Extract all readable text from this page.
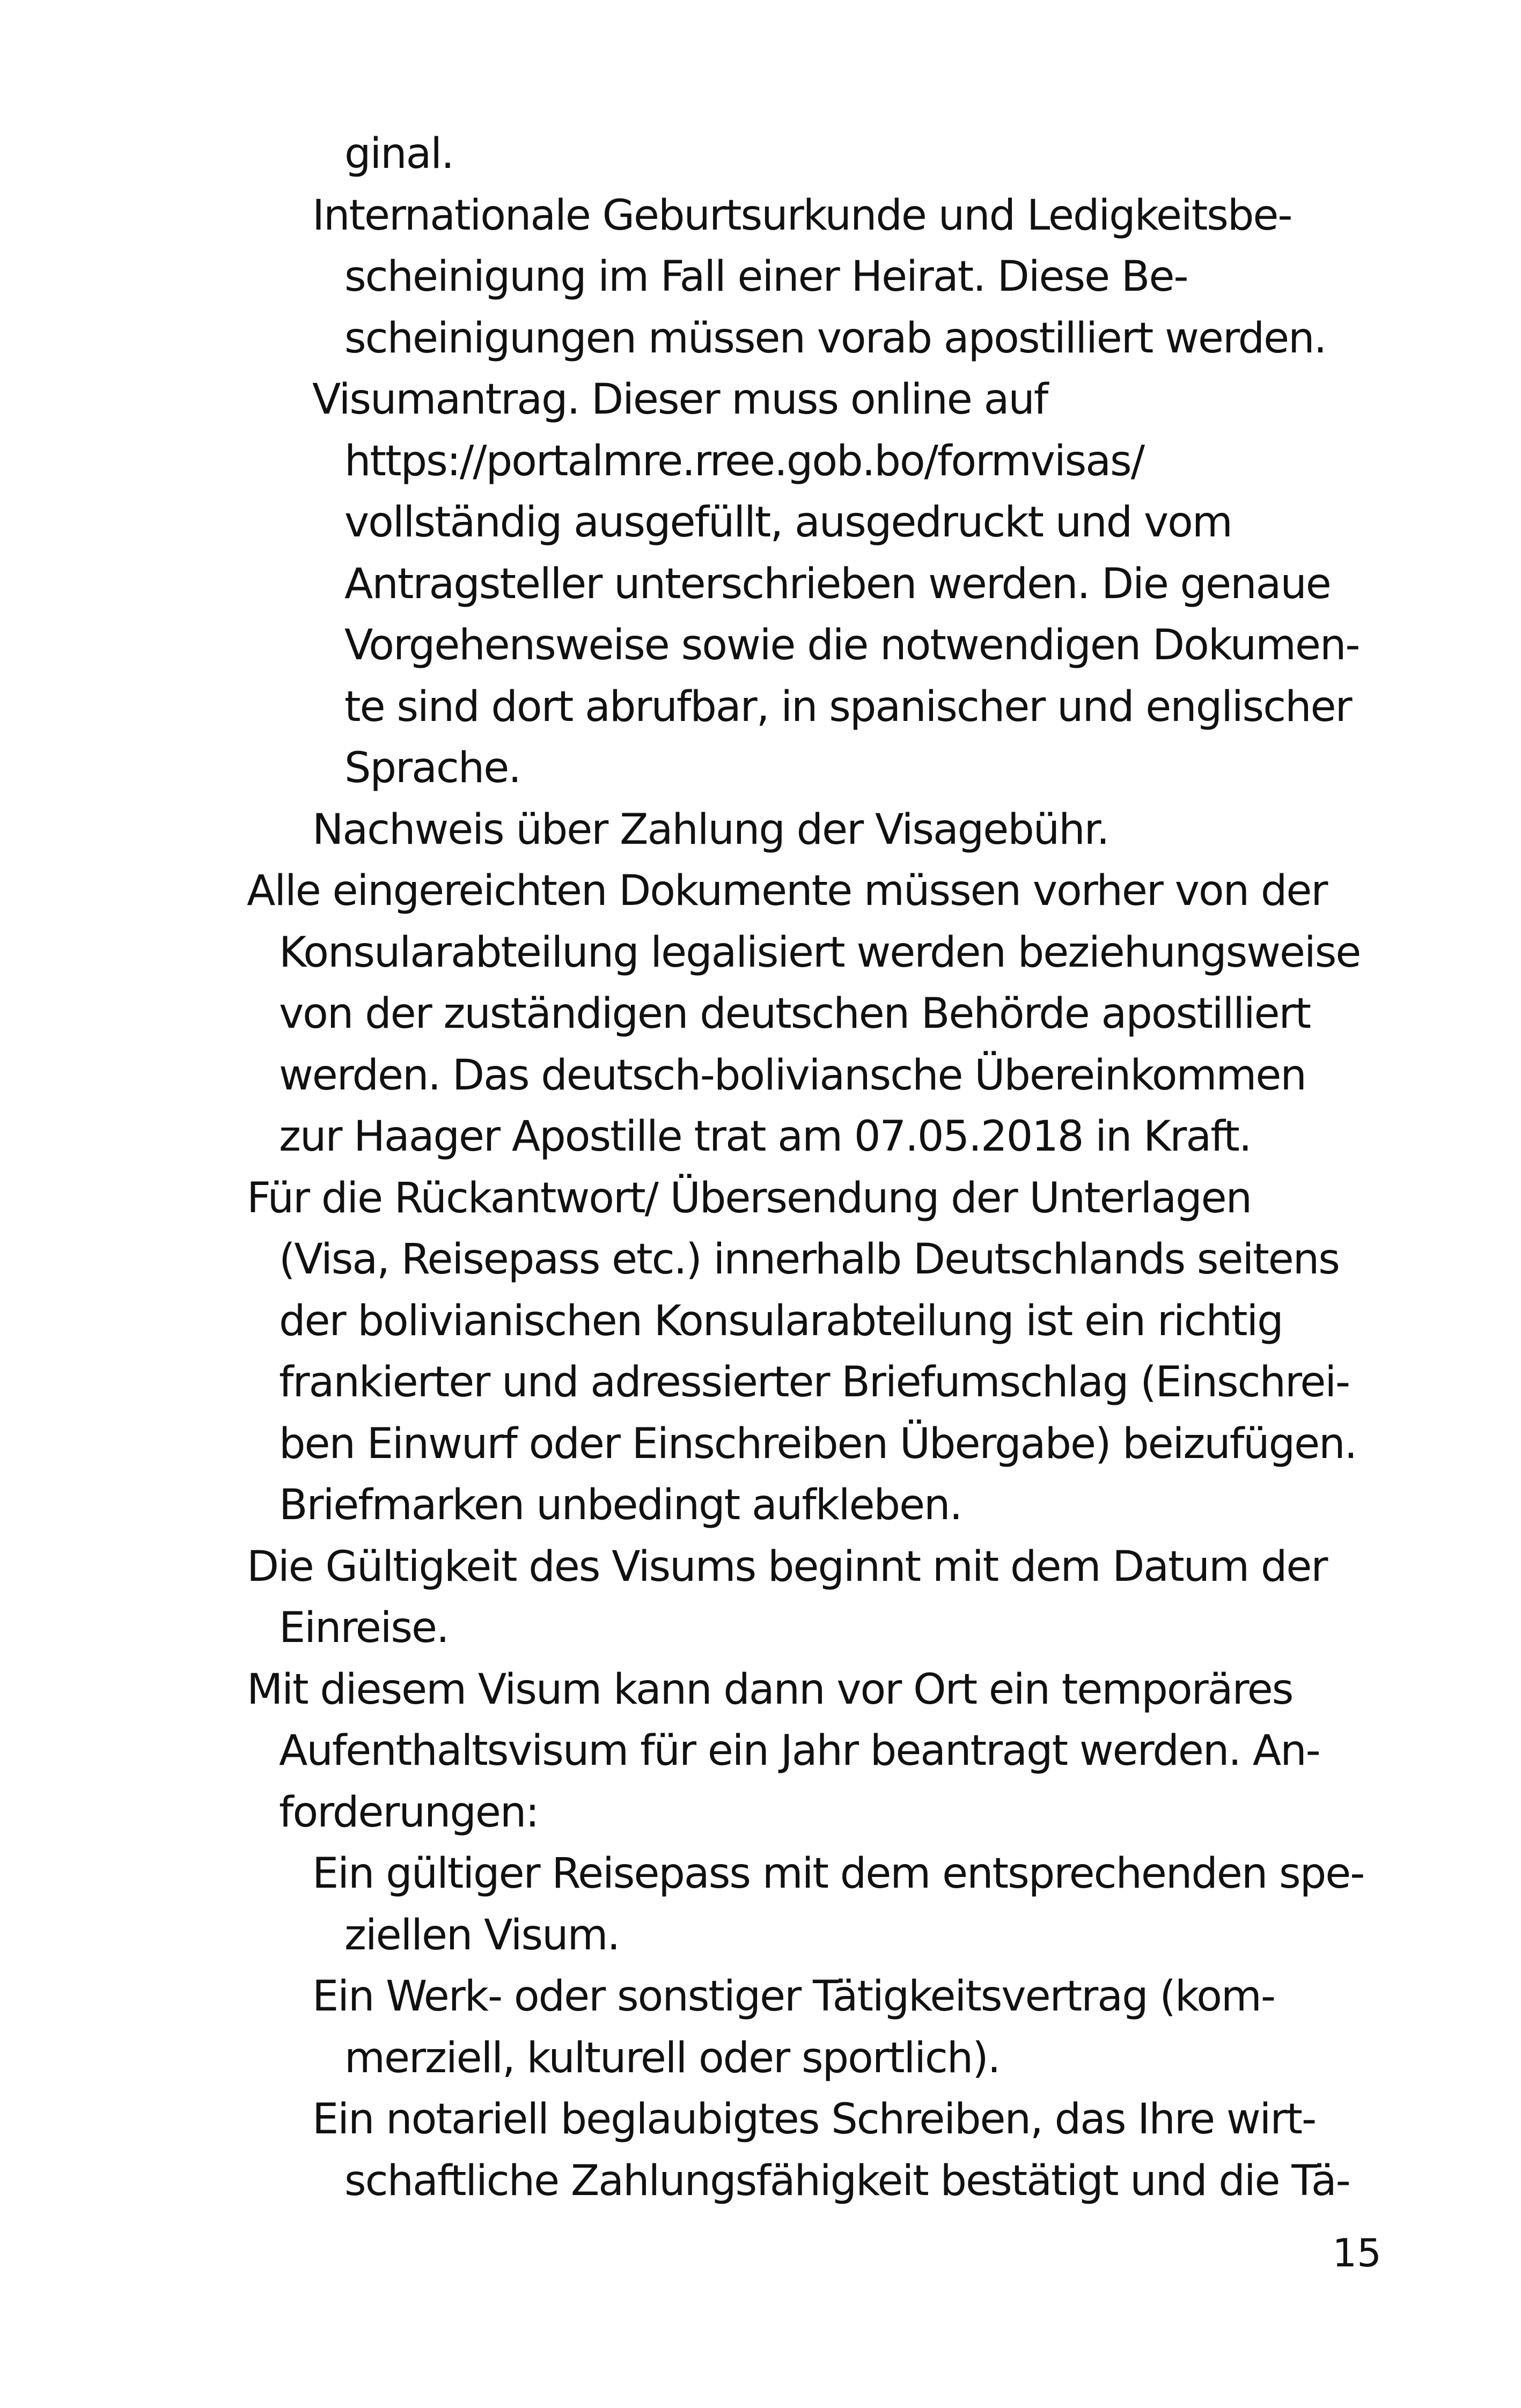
ginal.
Internationale Geburtsurkunde und Ledigkeitsbe-
scheinigung im Fall einer Heirat. Diese Be-
scheinigungen müssen vorab apostilliert werden.
Visumantrag. Dieser muss online auf
https://portalmre.rree.gob.bo/formvisas/
vollständig ausgefüllt, ausgedruckt und vom
Antragsteller unterschrieben werden. Die genaue
Vorgehensweise sowie die notwendigen Dokumen-
te sind dort abrufbar, in spanischer und englischer
Sprache.
Nachweis über Zahlung der Visagebühr.
Alle eingereichten Dokumente müssen vorher von der
Konsularabteilung legalisiert werden beziehungsweise
von der zuständigen deutschen Behörde apostilliert
werden. Das deutsch-boliviansche Übereinkommen
zur Haager Apostille trat am 07.05.2018 in Kraft.
Für die Rückantwort/ Übersendung der Unterlagen
(Visa, Reisepass etc.) innerhalb Deutschlands seitens
der bolivianischen Konsularabteilung ist ein richtig
frankierter und adressierter Briefumschlag (Einschrei-
ben Einwurf oder Einschreiben Übergabe) beizufügen.
Briefmarken unbedingt aufkleben.
Die Gültigkeit des Visums beginnt mit dem Datum der
Einreise.
Mit diesem Visum kann dann vor Ort ein temporäres
Aufenthaltsvisum für ein Jahr beantragt werden. An-
forderungen:
Ein gültiger Reisepass mit dem entsprechenden spe-
ziellen Visum.
Ein Werk- oder sonstiger Tätigkeitsvertrag (kom-
merziell, kulturell oder sportlich).
Ein notariell beglaubigtes Schreiben, das Ihre wirt-
schaftliche Zahlungsfähigkeit bestätigt und die Tä-
15
